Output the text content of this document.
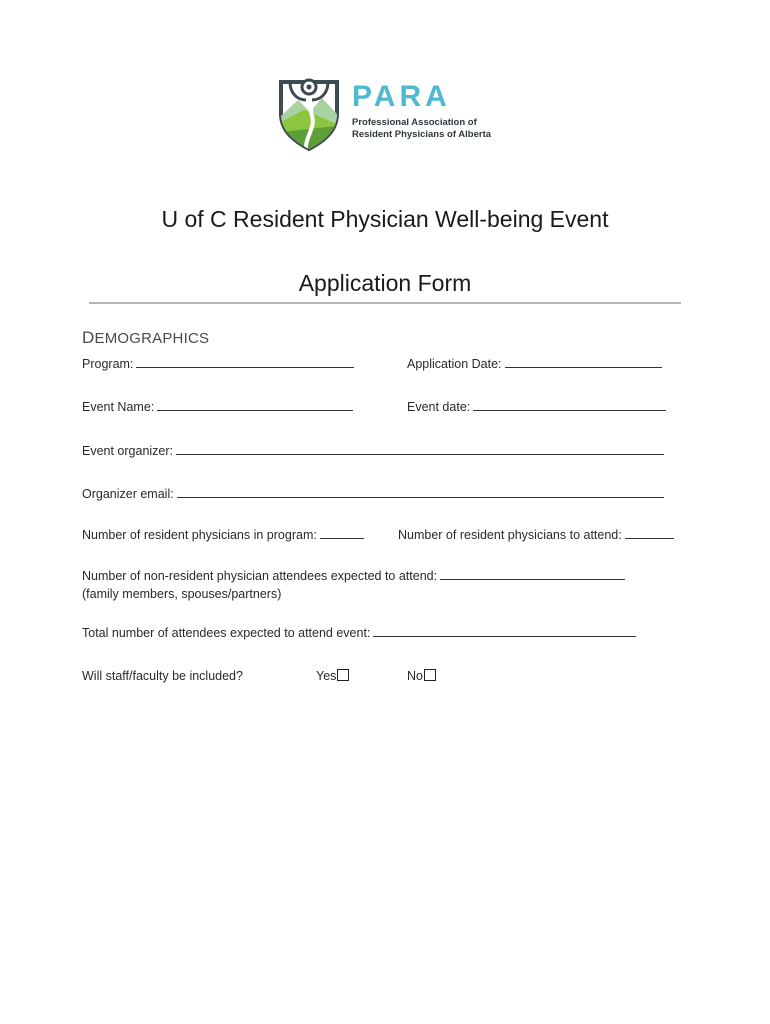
PARA
Professional Association of
Resident Physicians of Alberta
U of C Resident Physician Well-being Event
Application Form
DEMOGRAPHICS
Program:	Application Date:
Event Name:	Event date:
Event organizer:
Organizer email:
Number of resident physicians in program:	Number of resident physicians to attend:
Number of non-resident physician attendees expected to attend:
(family members, spouses/partners)
Total number of attendees expected to attend event:
Will staff/faculty be included?	Yes	No
